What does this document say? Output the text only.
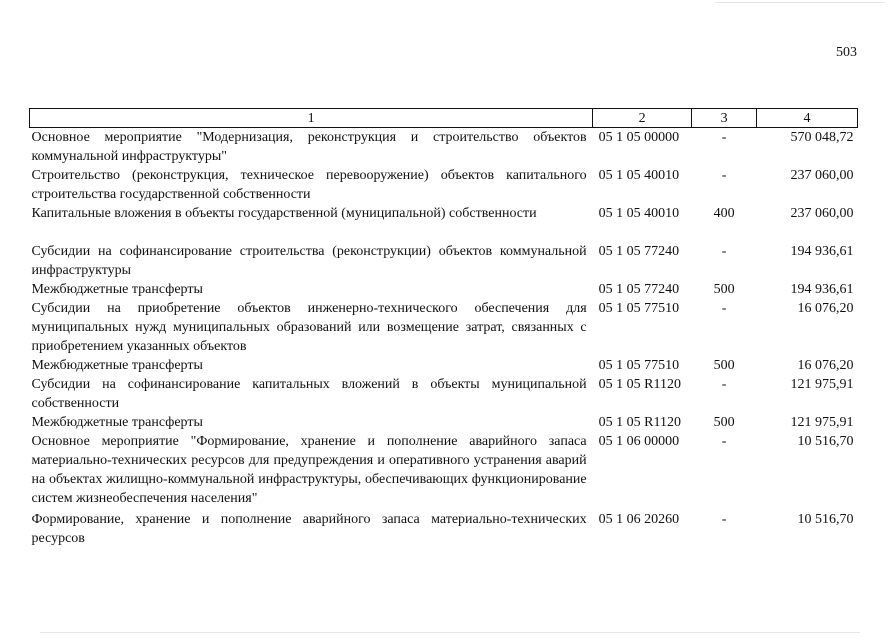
503
1	2	3	4
Основное мероприятие "Модернизация, реконструкция и строительство объектов коммунальной инфраструктуры"	05 1 05 00000	-	570 048,72
Строительство (реконструкция, техническое перевооружение) объектов капитального строительства государственной собственности	05 1 05 40010	-	237 060,00
Капитальные вложения в объекты государственной (муниципальной) собственности	05 1 05 40010	400	237 060,00
Субсидии на софинансирование строительства (реконструкции) объектов коммунальной инфраструктуры	05 1 05 77240	-	194 936,61
Межбюджетные трансферты	05 1 05 77240	500	194 936,61
Субсидии на приобретение объектов инженерно-технического обеспечения для муниципальных нужд муниципальных образований или возмещение затрат, связанных с приобретением указанных объектов	05 1 05 77510	-	16 076,20
Межбюджетные трансферты	05 1 05 77510	500	16 076,20
Субсидии на софинансирование капитальных вложений в объекты муниципальной собственности	05 1 05 R1120	-	121 975,91
Межбюджетные трансферты	05 1 05 R1120	500	121 975,91
Основное мероприятие "Формирование, хранение и пополнение аварийного запаса материально-технических ресурсов для предупреждения и оперативного устранения аварий на объектах жилищно-коммунальной инфраструктуры, обеспечивающих функционирование систем жизнеобеспечения населения"	05 1 06 00000	-	10 516,70
Формирование, хранение и пополнение аварийного запаса материально-технических ресурсов	05 1 06 20260	-	10 516,70
